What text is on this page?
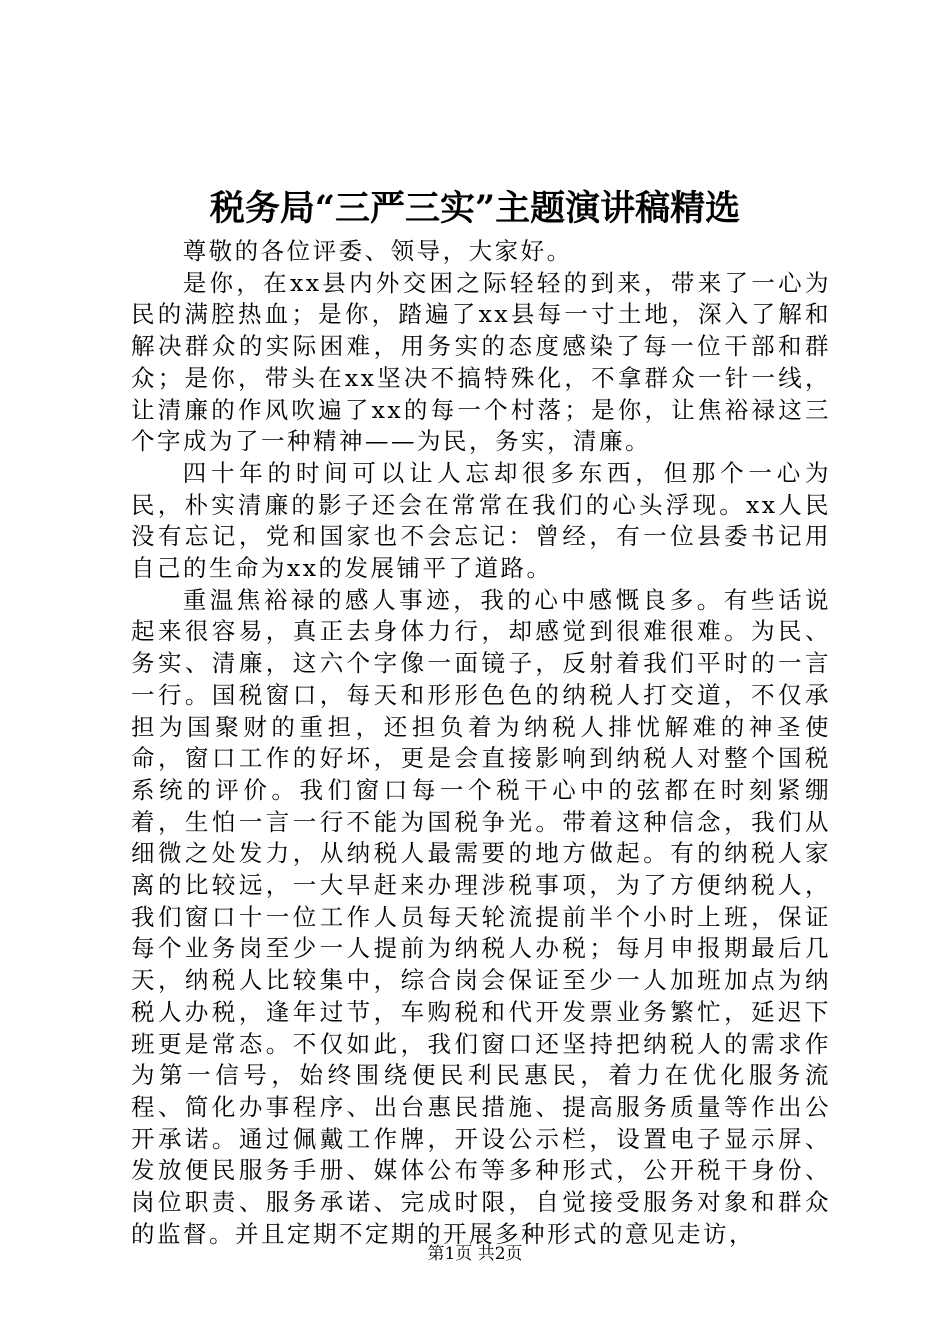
税务局“三严三实”主题演讲稿精选

尊敬的各位评委、领导，大家好。

是你，在xx县内外交困之际轻轻的到来，带来了一心为民的满腔热血；是你，踏遍了xx县每一寸土地，深入了解和解决群众的实际困难，用务实的态度感染了每一位干部和群众；是你，带头在xx坚决不搞特殊化，不拿群众一针一线，让清廉的作风吹遍了xx的每一个村落；是你，让焦裕禄这三个字成为了一种精神——为民，务实，清廉。

四十年的时间可以让人忘却很多东西，但那个一心为民，朴实清廉的影子还会在常常在我们的心头浮现。xx人民没有忘记，党和国家也不会忘记：曾经，有一位县委书记用自己的生命为xx的发展铺平了道路。

重温焦裕禄的感人事迹，我的心中感慨良多。有些话说起来很容易，真正去身体力行，却感觉到很难很难。为民、务实、清廉，这六个字像一面镜子，反射着我们平时的一言一行。国税窗口，每天和形形色色的纳税人打交道，不仅承担为国聚财的重担，还担负着为纳税人排忧解难的神圣使命，窗口工作的好坏，更是会直接影响到纳税人对整个国税系统的评价。我们窗口每一个税干心中的弦都在时刻紧绷着，生怕一言一行不能为国税争光。带着这种信念，我们从细微之处发力，从纳税人最需要的地方做起。有的纳税人家离的比较远，一大早赶来办理涉税事项，为了方便纳税人，我们窗口十一位工作人员每天轮流提前半个小时上班，保证每个业务岗至少一人提前为纳税人办税；每月申报期最后几天，纳税人比较集中，综合岗会保证至少一人加班加点为纳税人办税，逢年过节，车购税和代开发票业务繁忙，延迟下班更是常态。不仅如此，我们窗口还坚持把纳税人的需求作为第一信号，始终围绕便民利民惠民，着力在优化服务流程、简化办事程序、出台惠民措施、提高服务质量等作出公开承诺。通过佩戴工作牌，开设公示栏，设置电子显示屏、发放便民服务手册、媒体公布等多种形式，公开税干身份、岗位职责、服务承诺、完成时限，自觉接受服务对象和群众的监督。并且定期不定期的开展多种形式的意见走访，

第1页 共2页
